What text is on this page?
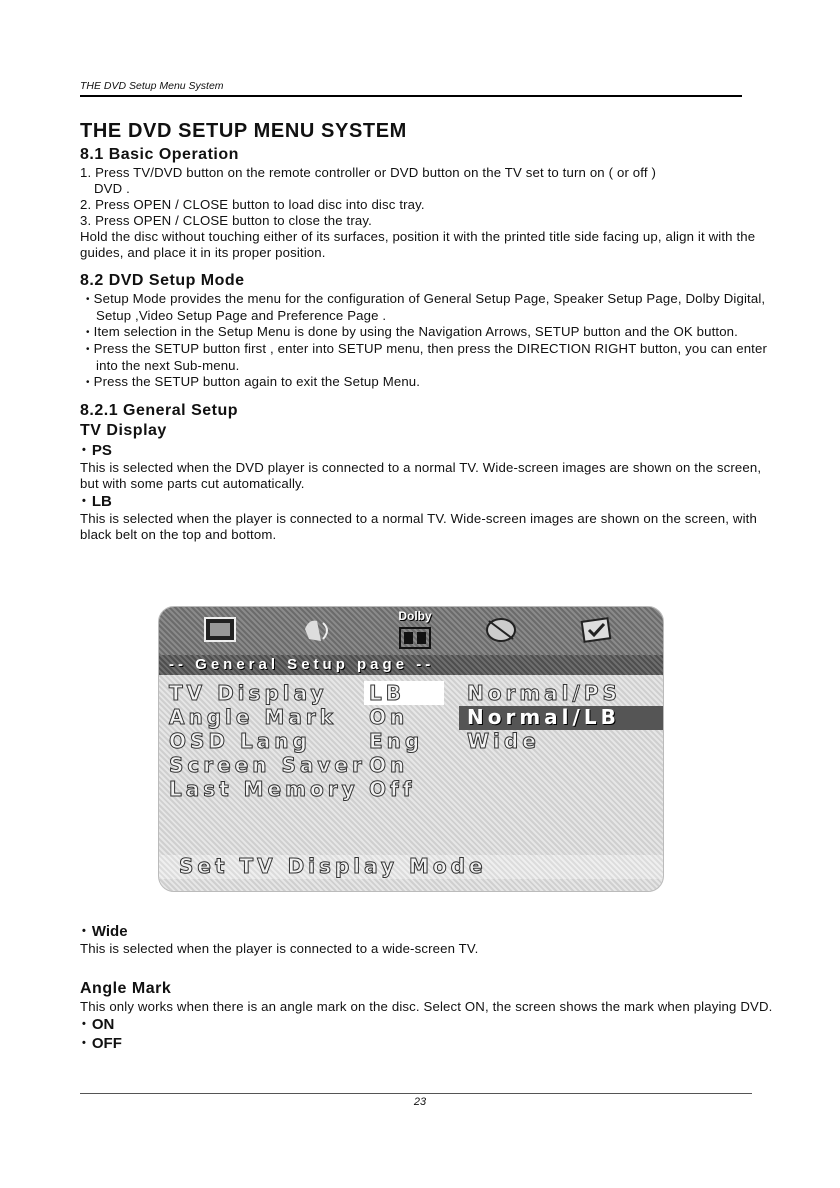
THE DVD Setup Menu System
THE DVD SETUP MENU SYSTEM
8.1 Basic Operation
1. Press TV/DVD button on the remote controller or DVD button on the TV set to turn on ( or off )
DVD .
2. Press OPEN / CLOSE button to load disc into disc tray.
3. Press OPEN / CLOSE button to close the tray.

Hold the disc without touching either of its surfaces, position it with the printed title side facing up, align it with the guides, and place it in its proper position.

8.2 DVD Setup Mode
• Setup Mode provides the menu for the configuration of General Setup Page, Speaker Setup Page, Dolby Digital, Setup ,Video Setup Page and Preference Page .
• Item selection in the Setup Menu is done by using the Navigation Arrows, SETUP button and the OK button.
• Press the SETUP button first , enter into SETUP menu, then press the DIRECTION RIGHT button, you can enter into the next Sub-menu.
• Press the SETUP button again to exit the Setup Menu.
8.2.1 General Setup
TV Display
• PS

This is selected when the DVD player is connected to a normal TV. Wide-screen images are shown on the screen, but with some parts cut automatically.

• LB

This is selected when the player is connected to a normal TV. Wide-screen images are shown on the screen, with black belt on the top and bottom.

Dolby
-- General Setup page --
TV Display LB
Angle Mark On
OSD Lang	Eng
Screen Saver On
Last Memory Off
Normal/PS
Normal/LB
Wide
Set TV Display Mode
• Wide

This is selected when the player is connected to a wide-screen TV.

Angle Mark

This only works when there is an angle mark on the disc. Select ON, the screen shows the mark when playing DVD.

• ON
• OFF
23
